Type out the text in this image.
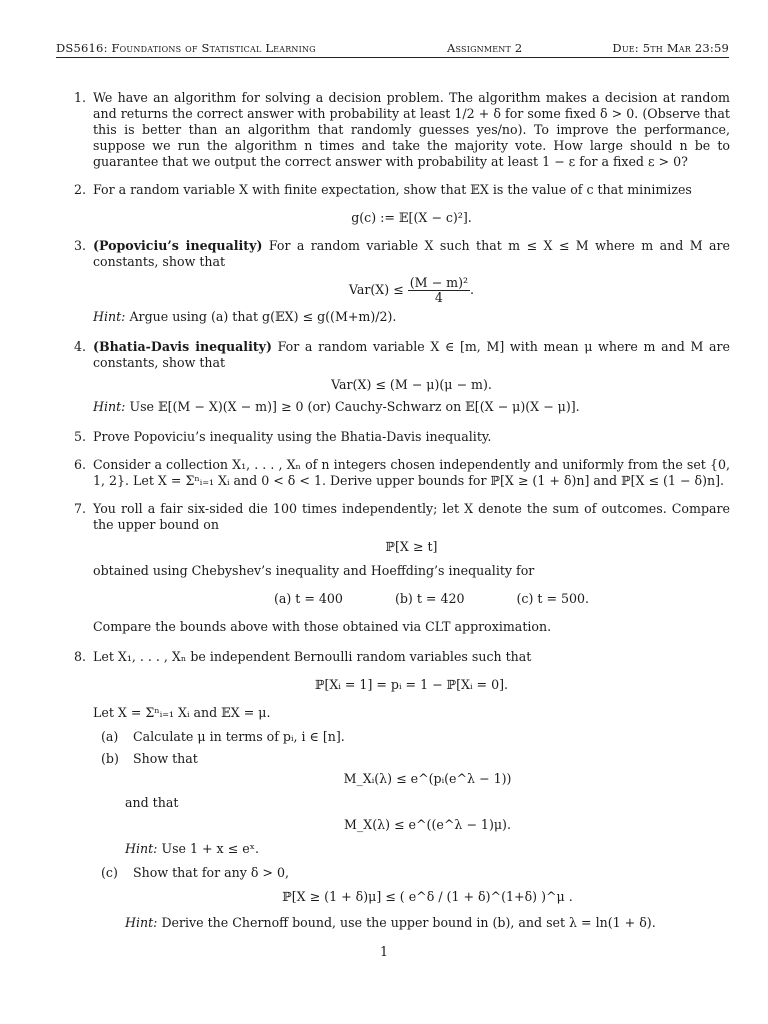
DS5616: Foundations of Statistical Learning	Assignment 2	Due: 5th Mar 23:59
1. We have an algorithm for solving a decision problem. The algorithm makes a decision at random and returns the correct answer with probability at least 1/2 + δ for some fixed δ > 0. (Observe that this is better than an algorithm that randomly guesses yes/no). To improve the performance, suppose we run the algorithm n times and take the majority vote. How large should n be to guarantee that we output the correct answer with probability at least 1 − ε for a fixed ε > 0?
2. For a random variable X with finite expectation, show that 𝔼X is the value of c that minimizes
g(c) := 𝔼[(X − c)²].
3. (Popoviciu’s inequality) For a random variable X such that m ≤ X ≤ M where m and M are constants, show that
$Var(X) \le \frac{\text{(M − m)²}}{4}$ .
Hint: Argue using (a) that g(𝔼X) ≤ g((M+m)/2).
4. (Bhatia-Davis inequality) For a random variable X ∈ [m, M] with mean μ where m and M are constants, show that
Var(X) ≤ (M − μ)(μ − m).
Hint: Use 𝔼[(M − X)(X − m)] ≥ 0 (or) Cauchy-Schwarz on 𝔼[(X − μ)(X − μ)].
5. Prove Popoviciu’s inequality using the Bhatia-Davis inequality.
6. Consider a collection X₁, . . . , Xₙ of n integers chosen independently and uniformly from the set {0, 1, 2}. Let X = Σⁿᵢ₌₁ Xᵢ and 0 < δ < 1. Derive upper bounds for ℙ[X ≥ (1 + δ)n] and ℙ[X ≤ (1 − δ)n].
7. You roll a fair six-sided die 100 times independently; let X denote the sum of outcomes. Compare the upper bound on
ℙ[X ≥ t]
obtained using Chebyshev’s inequality and Hoeffding’s inequality for
(a) t = 400	(b) t = 420	(c) t = 500.
Compare the bounds above with those obtained via CLT approximation.
8. Let X₁, . . . , Xₙ be independent Bernoulli random variables such that
ℙ[Xᵢ = 1] = pᵢ = 1 − ℙ[Xᵢ = 0].
Let X = Σⁿᵢ₌₁ Xᵢ and 𝔼X = μ.
(a) Calculate μ in terms of pᵢ, i ∈ [n].
(b) Show that
M_Xᵢ(λ) ≤ e^(pᵢ(e^λ − 1))
and that
M_X(λ) ≤ e^((e^λ − 1)μ).
Hint: Use 1 + x ≤ eˣ.
(c) Show that for any δ > 0,
ℙ[X ≥ (1 + δ)μ] ≤ ( e^δ / (1 + δ)^(1+δ) )^μ .
Hint: Derive the Chernoff bound, use the upper bound in (b), and set λ = ln(1 + δ).
1
